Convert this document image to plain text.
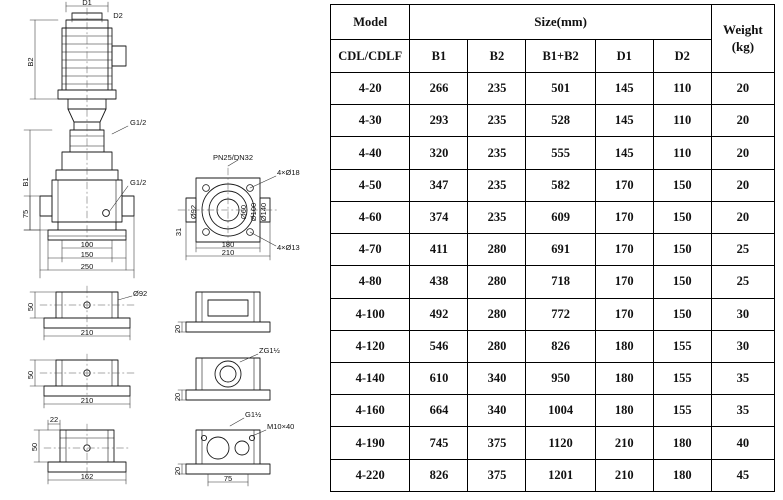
D1
D2
B2
B1
75
100
150
250
G1/2
G1/2
PN25/DN32
4×Ø18
4×Ø13
Ø92	Ø60 Ø100 Ø140
31
180
210
50
210
Ø92
20
50
210
ZG1½
20
50
162
22
G1½
M10×40
75
20
Model	Size(mm)					Weight
(kg)

CDL/CDLF	B1	B2	B1+B2	D1	D2	
4-20	266	235	501	145	110	20
4-30	293	235	528	145	110	20
4-40	320	235	555	145	110	20
4-50	347	235	582	170	150	20
4-60	374	235	609	170	150	20
4-70	411	280	691	170	150	25
4-80	438	280	718	170	150	25
4-100	492	280	772	170	150	30
4-120	546	280	826	180	155	30
4-140	610	340	950	180	155	35
4-160	664	340	1004	180	155	35
4-190	745	375	1120	210	180	40
4-220	826	375	1201	210	180	45
